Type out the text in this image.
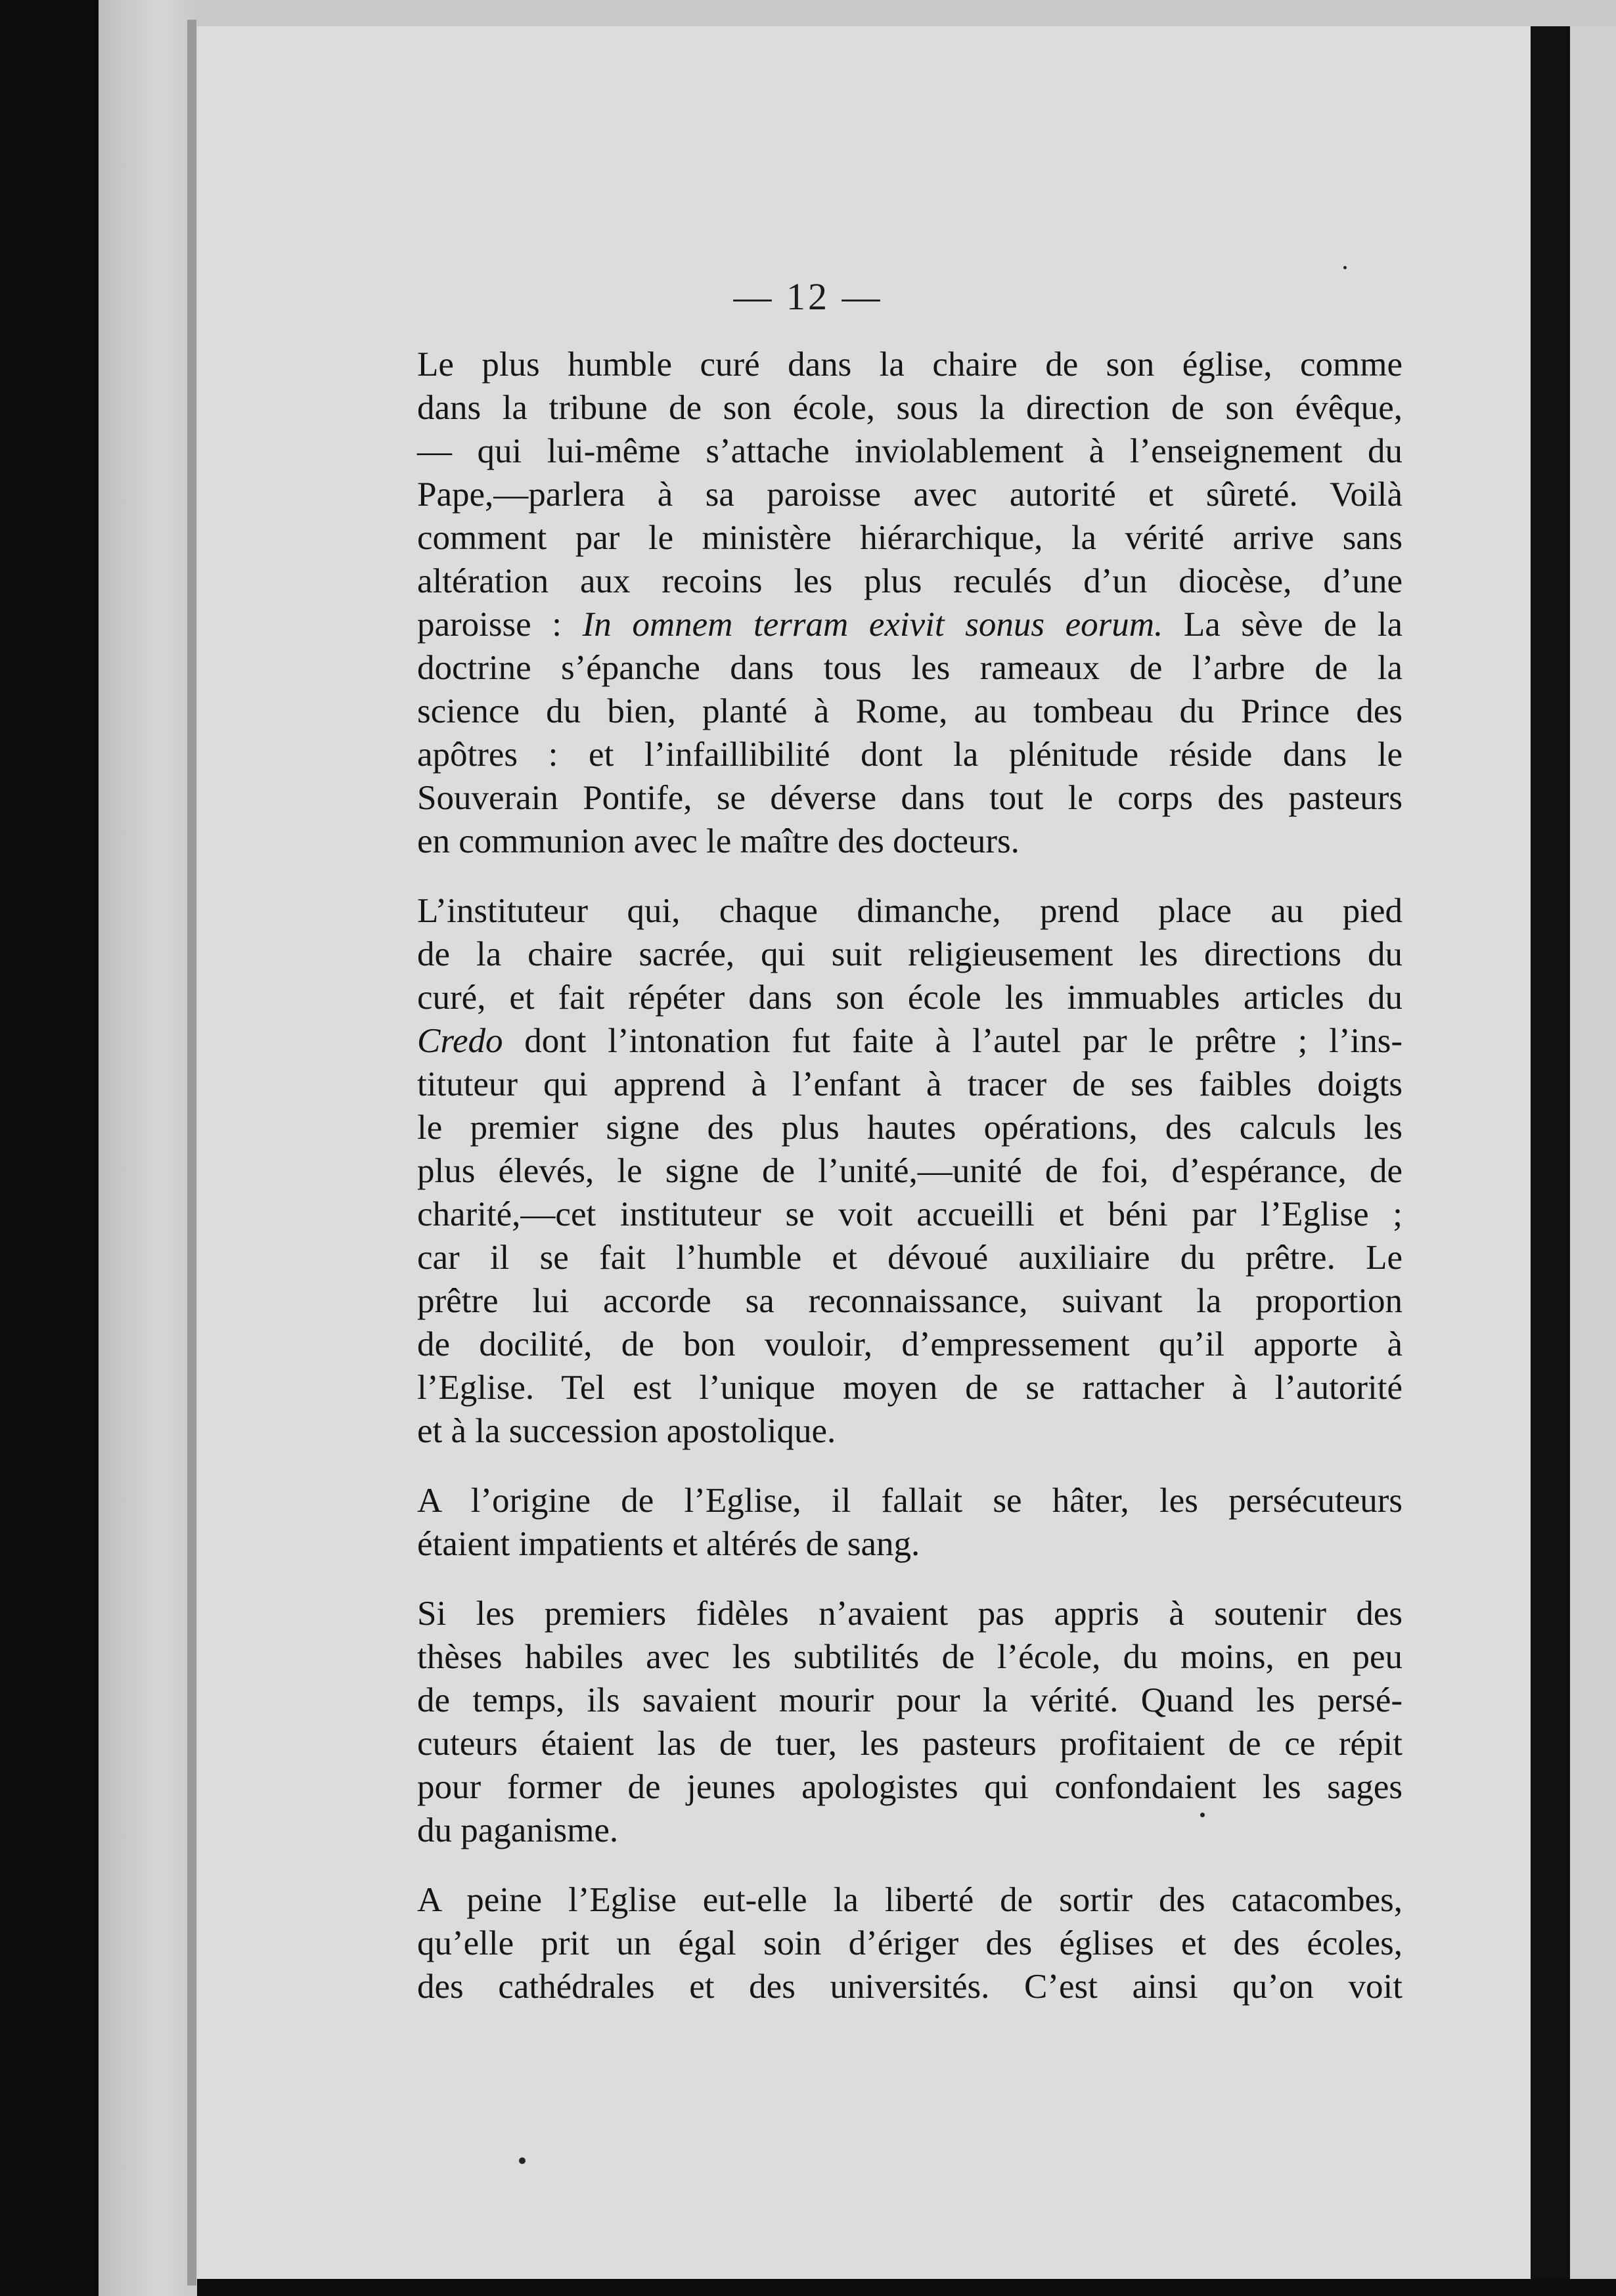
— 12 —
Le plus humble curé dans la chaire de son église, comme
dans la tribune de son école, sous la direction de son évêque,
— qui lui-même s’attache inviolablement à l’enseignement du
Pape,—parlera à sa paroisse avec autorité et sûreté. Voilà
comment par le ministère hiérarchique, la vérité arrive sans
altération aux recoins les plus reculés d’un diocèse, d’une
paroisse : In omnem terram exivit sonus eorum. La sève de la
doctrine s’épanche dans tous les rameaux de l’arbre de la
science du bien, planté à Rome, au tombeau du Prince des
apôtres : et l’infaillibilité dont la plénitude réside dans le
Souverain Pontife, se déverse dans tout le corps des pasteurs
en communion avec le maître des docteurs.
L’instituteur qui, chaque dimanche, prend place au pied
de la chaire sacrée, qui suit religieusement les directions du
curé, et fait répéter dans son école les immuables articles du
Credo dont l’intonation fut faite à l’autel par le prêtre ; l’ins-
tituteur qui apprend à l’enfant à tracer de ses faibles doigts
le premier signe des plus hautes opérations, des calculs les
plus élevés, le signe de l’unité,—unité de foi, d’espérance, de
charité,—cet instituteur se voit accueilli et béni par l’Eglise ;
car il se fait l’humble et dévoué auxiliaire du prêtre. Le
prêtre lui accorde sa reconnaissance, suivant la proportion
de docilité, de bon vouloir, d’empressement qu’il apporte à
l’Eglise. Tel est l’unique moyen de se rattacher à l’autorité
et à la succession apostolique.
A l’origine de l’Eglise, il fallait se hâter, les persécuteurs
étaient impatients et altérés de sang.
Si les premiers fidèles n’avaient pas appris à soutenir des
thèses habiles avec les subtilités de l’école, du moins, en peu
de temps, ils savaient mourir pour la vérité. Quand les persé-
cuteurs étaient las de tuer, les pasteurs profitaient de ce répit
pour former de jeunes apologistes qui confondaient les sages
du paganisme.
A peine l’Eglise eut-elle la liberté de sortir des catacombes,
qu’elle prit un égal soin d’ériger des églises et des écoles,
des cathédrales et des universités. C’est ainsi qu’on voit
